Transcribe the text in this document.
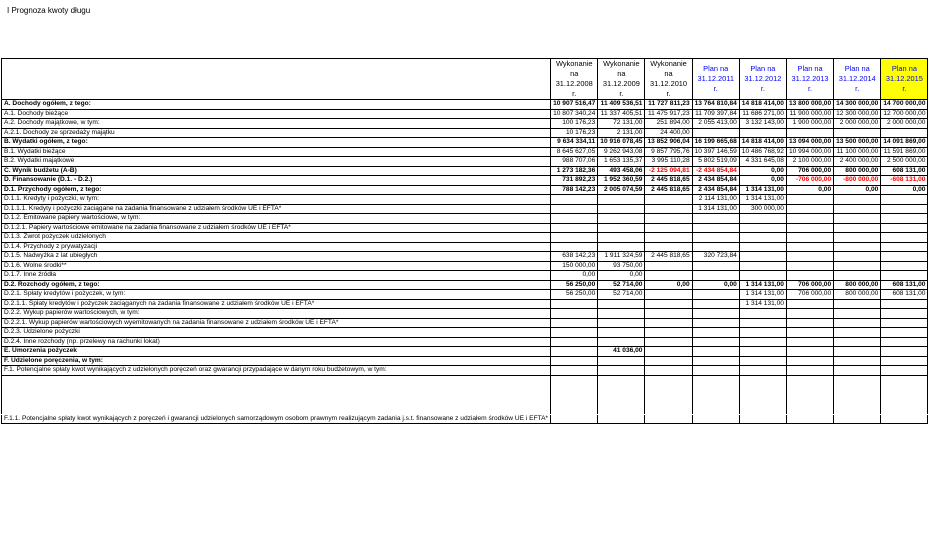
I Prognoza kwoty długu
	Wykonanie na 31.12.2008 r.	Wykonanie na 31.12.2009 r.	Wykonanie na 31.12.2010 r.	Plan na 31.12.2011 r.	Plan na 31.12.2012 r.	Plan na 31.12.2013 r.	Plan na 31.12.2014 r.	Plan na 31.12.2015 r.
A. Dochody ogółem, z tego:	10 907 516,47	11 409 536,51	11 727 811,23	13 764 810,84	14 818 414,00	13 800 000,00	14 300 000,00	14 700 000,00
A.1. Dochody bieżące	10 807 340,24	11 337 405,51	11 475 917,23	11 709 397,84	11 686 271,00	11 900 000,00	12 300 000,00	12 700 000,00
A.2. Dochody majątkowe, w tym:	100 176,23	72 131,00	251 894,00	2 055 413,00	3 132 143,00	1 900 000,00	2 000 000,00	2 000 000,00
A.2.1. Dochody ze sprzedaży majątku	10 176,23	2 131,00	24 400,00					
B. Wydatki ogółem, z tego:	9 634 334,11	10 916 078,45	13 852 906,04	16 199 665,68	14 818 414,00	13 094 000,00	13 500 000,00	14 091 869,00
B.1. Wydatki bieżące	8 645 627,05	9 262 943,08	9 857 795,76	10 397 146,59	10 486 768,92	10 994 000,00	11 100 000,00	11 591 869,00
B.2. Wydatki majątkowe	988 707,06	1 653 135,37	3 995 110,28	5 802 519,09	4 331 645,08	2 100 000,00	2 400 000,00	2 500 000,00
C. Wynik budżetu (A-B)	1 273 182,36	493 458,06	-2 125 094,81	-2 434 854,84	0,00	706 000,00	800 000,00	608 131,00
D. Finansowanie (D.1. - D.2.)	731 892,23	1 952 360,59	2 445 818,65	2 434 854,84	0,00	-706 000,00	-800 000,00	-608 131,00
D.1. Przychody ogółem, z tego:	788 142,23	2 005 074,59	2 445 818,65	2 434 854,84	1 314 131,00	0,00	0,00	0,00
D.1.1. Kredyty i pożyczki, w tym:				2 114 131,00	1 314 131,00			
D.1.1.1. Kredyty i pożyczki zaciągane na zadania finansowane z udziałem środków UE i EFTA*				1 314 131,00	300 000,00			
D.1.2. Emitowane papiery wartościowe, w tym:								
D.1.2.1. Papiery wartościowe emitowane na zadania finansowane z udziałem środków UE i EFTA*								
D.1.3. Zwrot pożyczek udzielonych								
D.1.4. Przychody z prywatyzacji								
D.1.5. Nadwyżka z lat ubiegłych	638 142,23	1 911 324,59	2 445 818,65	320 723,84				
D.1.6. Wolne środki**	150 000,00	93 750,00						
D.1.7. Inne źródła	0,00	0,00						
D.2. Rozchody ogółem, z tego:	56 250,00	52 714,00	0,00	0,00	1 314 131,00	706 000,00	800 000,00	608 131,00
D.2.1. Spłaty kredytów i pożyczek, w tym:	56 250,00	52 714,00			1 314 131,00	706 000,00	800 000,00	608 131,00
D.2.1.1. Spłaty kredytów i pożyczek zaciąganych na zadania finansowane z udziałem środków UE i EFTA*					1 314 131,00			
D.2.2. Wykup papierów wartościowych, w tym:								
D.2.2.1. Wykup papierów wartościowych wyemitowanych na zadania finansowane z udziałem środków UE i EFTA*								
D.2.3. Udzielone pożyczki								
D.2.4. Inne rozchody (np. przelewy na rachunki lokat)								
E. Umorzenia pożyczek		41 036,00						
F. Udzielone poręczenia, w tym:								
F.1. Potencjalne spłaty kwot wynikających z udzielonych poręczeń oraz gwarancji przypadające w danym roku budżetowym, w tym:								

F.1.1. Potencjalne spłaty kwot wynikających z poręczeń i gwarancji udzielonych samorządowym osobom prawnym realizującym zadania j.s.t. finansowane z udziałem środków UE i EFTA*								
